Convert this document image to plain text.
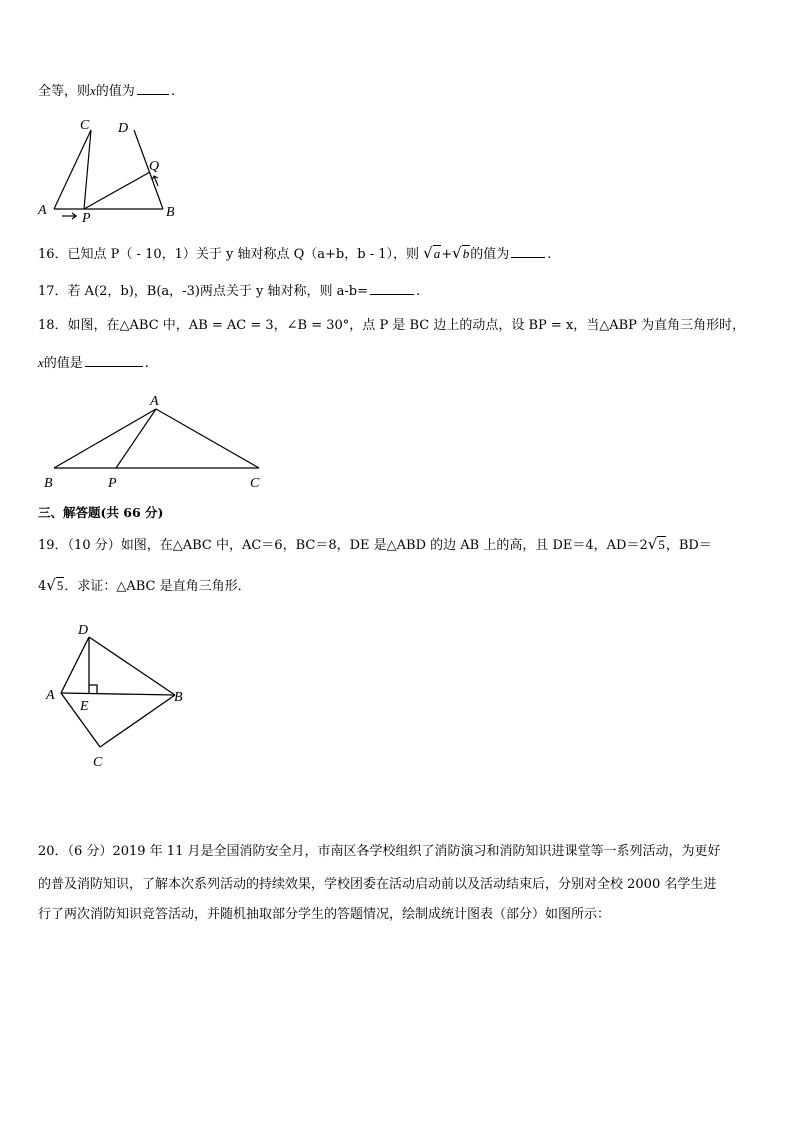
全等，则x的值为	.
C D
Q
A
P	B
16．已知点 P（ - 10，1）关于 y 轴对称点 Q（a+b，b - 1），则 √a+√b的值为	.
17．若 A(2，b)，B(a，-3)两点关于 y 轴对称，则 a-b=	.
18．如图，在△ABC 中，AB = AC = 3，∠B = 30°，点 P 是 BC 边上的动点，设 BP = x，当△ABP 为直角三角形时，
x的值是	.
A
B	P	C
三、解答题(共 66 分)
19．（10 分）如图，在△ABC 中，AC＝6，BC＝8，DE 是△ABD 的边 AB 上的高，且 DE＝4，AD＝2√5，BD＝
4√5．求证：△ABC 是直角三角形．
D
A
E
B
C
20．（6 分）2019 年 11 月是全国消防安全月，市南区各学校组织了消防演习和消防知识进课堂等一系列活动，为更好
的普及消防知识，了解本次系列活动的持续效果，学校团委在活动启动前以及活动结束后，分别对全校 2000 名学生进
行了两次消防知识竞答活动，并随机抽取部分学生的答题情况，绘制成统计图表（部分）如图所示：
